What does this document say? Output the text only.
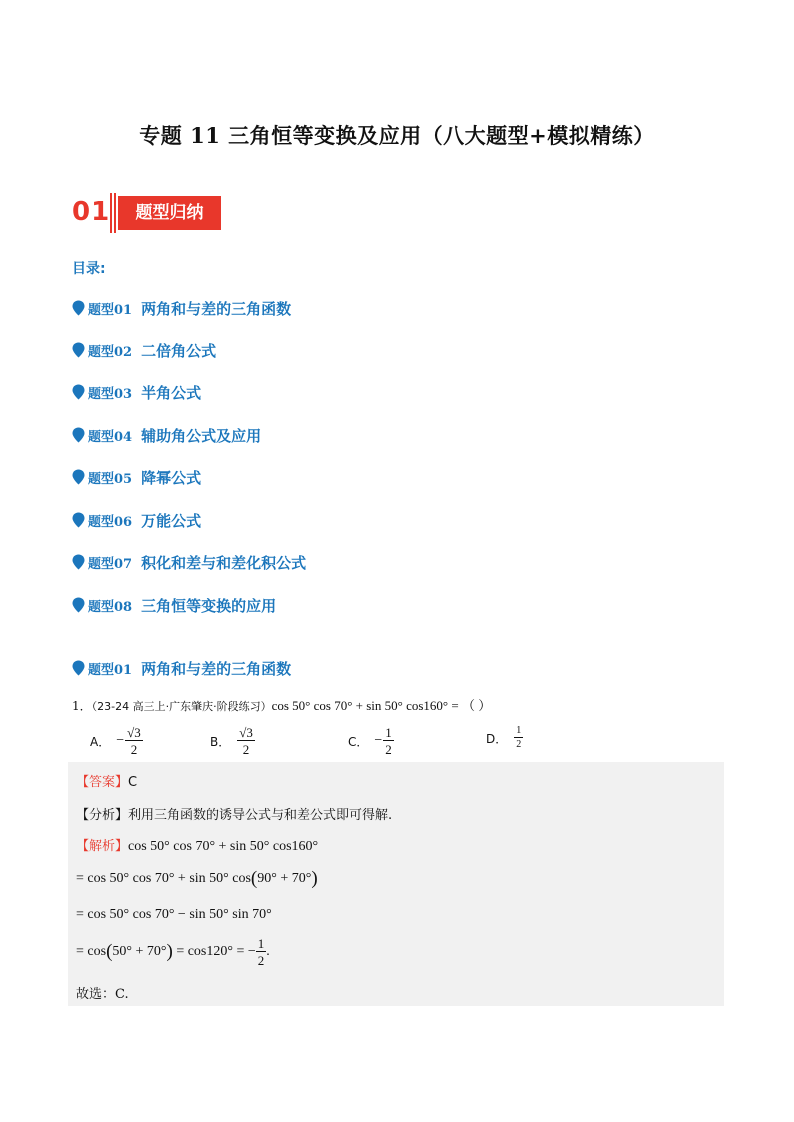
专题 11 三角恒等变换及应用（八大题型+模拟精练）
01	题型归纳
目录:
题型01 两角和与差的三角函数
题型02 二倍角公式
题型03 半角公式
题型04 辅助角公式及应用
题型05 降幂公式
题型06 万能公式
题型07 积化和差与和差化积公式
题型08 三角恒等变换的应用
题型01 两角和与差的三角函数
1．（23-24 高三上·广东肇庆·阶段练习）cos 50° cos 70° + sin 50° cos160° = （ ）
A． − $\frac{√3}{2}$	B． $\frac{√3}{2}$	C． − $\frac{1}{2}$	D． $\frac{1}{2}$
【答案】C
【分析】利用三角函数的诱导公式与和差公式即可得解.
【解析】cos 50° cos 70° + sin 50° cos160°
= cos 50° cos 70° + sin 50° cos(90° + 70°)
= cos 50° cos 70° − sin 50° sin 70°
= cos ( 50° + 70° ) = cos120° = − $\frac{1}{2}$ .
故选：C.
